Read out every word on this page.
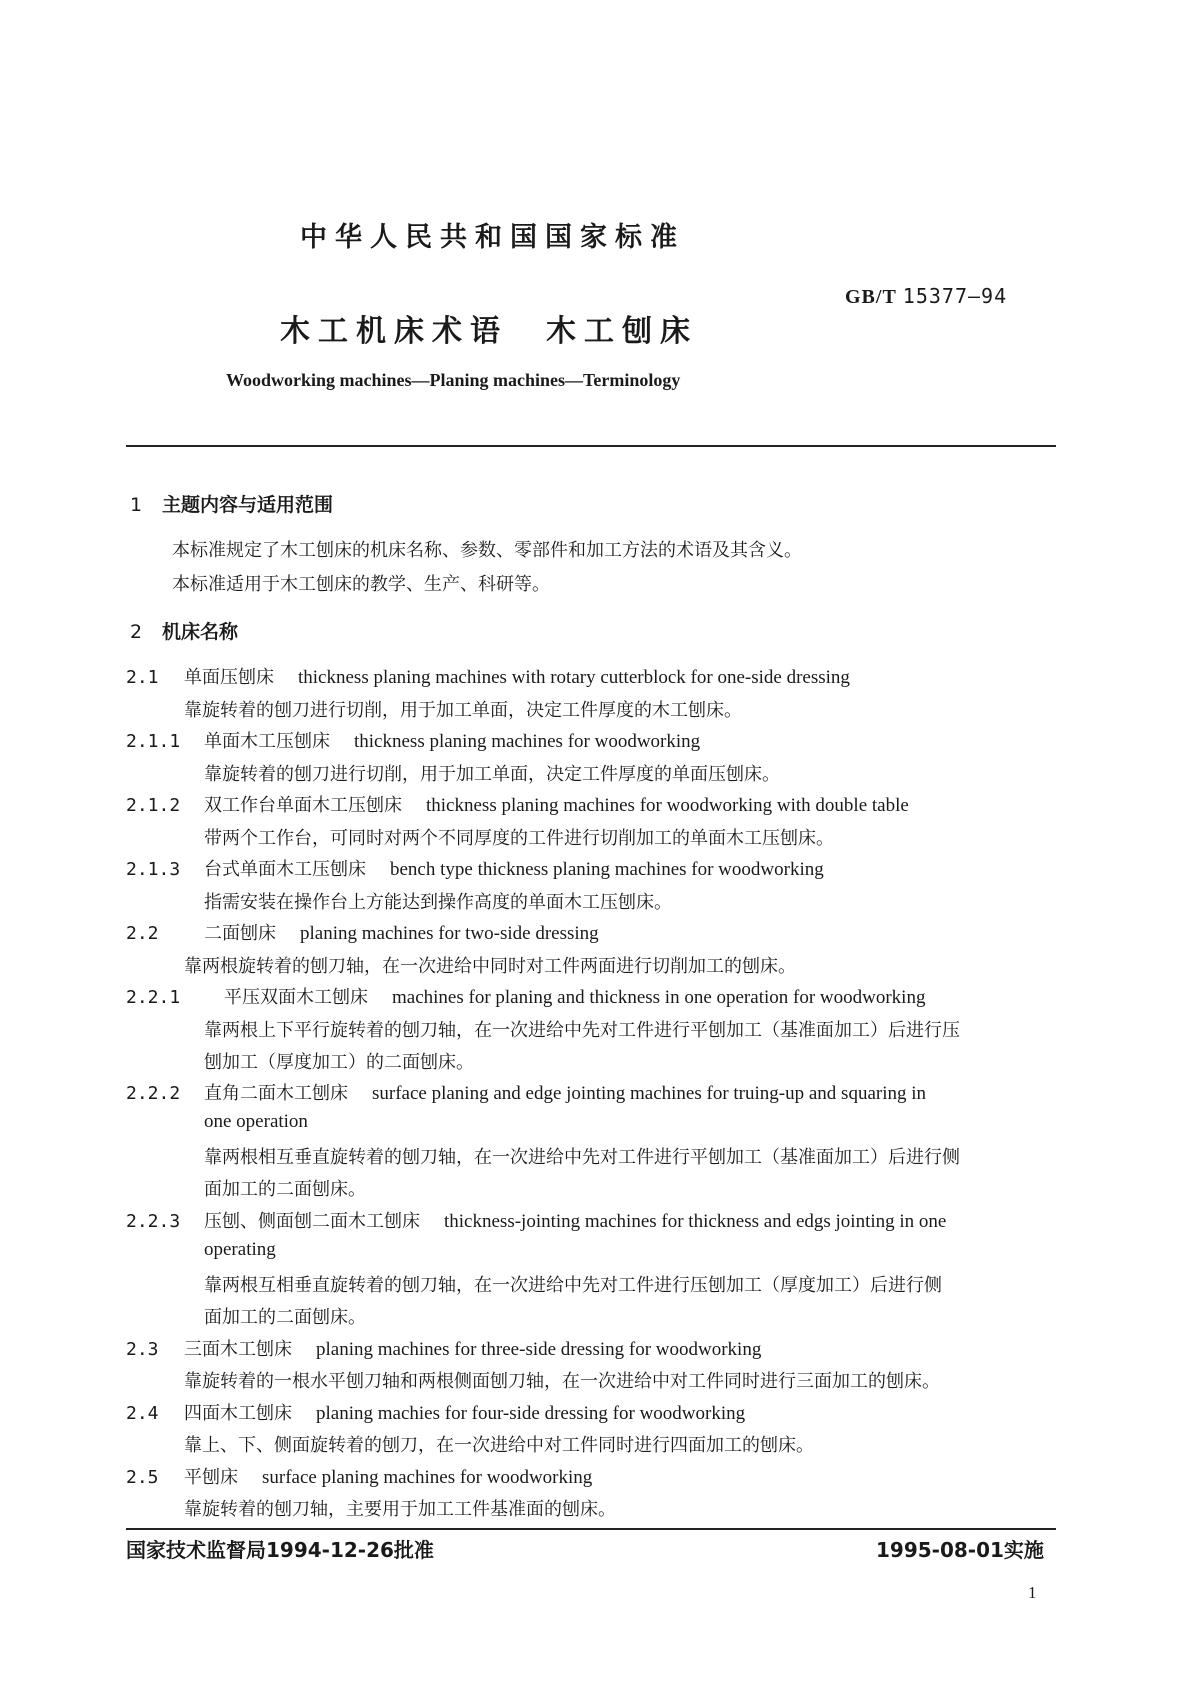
中华人民共和国国家标准
GB/T 15377—94
木工机床术语　木工刨床
Woodworking machines—Planing machines—Terminology
1 主题内容与适用范围
本标准规定了木工刨床的机床名称、参数、零部件和加工方法的术语及其含义。
本标准适用于木工刨床的教学、生产、科研等。
2 机床名称
2.1 单面压刨床 thickness planing machines with rotary cutterblock for one-side dressing
靠旋转着的刨刀进行切削，用于加工单面，决定工件厚度的木工刨床。
2.1.1 单面木工压刨床 thickness planing machines for woodworking
靠旋转着的刨刀进行切削，用于加工单面，决定工件厚度的单面压刨床。
2.1.2 双工作台单面木工压刨床 thickness planing machines for woodworking with double table
带两个工作台，可同时对两个不同厚度的工件进行切削加工的单面木工压刨床。
2.1.3 台式单面木工压刨床 bench type thickness planing machines for woodworking
指需安装在操作台上方能达到操作高度的单面木工压刨床。
2.2	二面刨床 planing machines for two-side dressing
靠两根旋转着的刨刀轴，在一次进给中同时对工件两面进行切削加工的刨床。
2.2.1 平压双面木工刨床 machines for planing and thickness in one operation for woodworking
靠两根上下平行旋转着的刨刀轴，在一次进给中先对工件进行平刨加工（基准面加工）后进行压
刨加工（厚度加工）的二面刨床。
2.2.2 直角二面木工刨床 surface planing and edge jointing machines for truing-up and squaring in
one operation
靠两根相互垂直旋转着的刨刀轴，在一次进给中先对工件进行平刨加工（基准面加工）后进行侧
面加工的二面刨床。
2.2.3 压刨、侧面刨二面木工刨床 thickness-jointing machines for thickness and edgs jointing in one
operating
靠两根互相垂直旋转着的刨刀轴，在一次进给中先对工件进行压刨加工（厚度加工）后进行侧
面加工的二面刨床。
2.3 三面木工刨床 planing machines for three-side dressing for woodworking
靠旋转着的一根水平刨刀轴和两根侧面刨刀轴，在一次进给中对工件同时进行三面加工的刨床。
2.4 四面木工刨床 planing machies for four-side dressing for woodworking
靠上、下、侧面旋转着的刨刀，在一次进给中对工件同时进行四面加工的刨床。
2.5 平刨床 surface planing machines for woodworking
靠旋转着的刨刀轴，主要用于加工工件基准面的刨床。
国家技术监督局1994-12-26批准	1995-08-01实施
1
